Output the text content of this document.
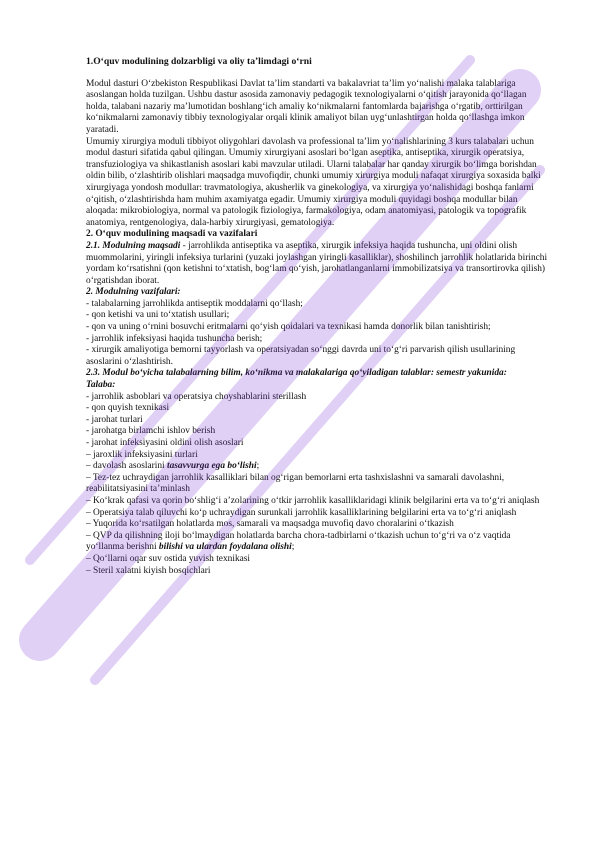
1.Oʻquv modulining dolzarbligi va oliy taʼlimdagi oʻrni

Modul dasturi Oʻzbekiston Respublikasi Davlat taʼlim standarti va bakalavriat taʼlim yoʻnalishi malaka talablariga asoslangan holda tuzilgan. Ushbu dastur asosida zamonaviy pedagogik texnologiyalarni oʻqitish jarayonida qoʻllagan holda, talabani nazariy maʼlumotidan boshlangʻich amaliy koʻnikmalarni fantomlarda bajarishga oʻrgatib, orttirilgan koʻnikmalarni zamonaviy tibbiy texnologiyalar orqali klinik amaliyot bilan uygʻunlashtirgan holda qoʻllashga imkon yaratadi.

Umumiy xirurgiya moduli tibbiyot oliygohlari davolash va professional taʼlim yoʻnalishlarining 3 kurs talabalari uchun modul dasturi sifatida qabul qilingan. Umumiy xirurgiyani asoslari boʻlgan aseptika, antiseptika, xirurgik operatsiya, transfuziologiya va shikastlanish asoslari kabi mavzular utiladi. Ularni talabalar har qanday xirurgik boʻlimga borishdan oldin bilib, oʻzlashtirib olishlari maqsadga muvofiqdir, chunki umumiy xirurgiya moduli nafaqat xirurgiya soxasida balki xirurgiyaga yondosh modullar: travmatologiya, akusherlik va ginekologiya, va xirurgiya yoʻnalishidagi boshqa fanlarni oʻqitish, oʻzlashtirishda ham muhim axamiyatga egadir. Umumiy xirurgiya moduli quyidagi boshqa modullar bilan aloqada: mikrobiologiya, normal va patologik fiziologiya, farmakologiya, odam anatomiyasi, patologik va topografik anatomiya, rentgenologiya, dala-harbiy xirurgiyasi, gematologiya.

2. Oʻquv modulining maqsadi va vazifalari

2.1. Modulning maqsadi - jarrohlikda antiseptika va aseptika, xirurgik infeksiya haqida tushuncha, uni oldini olish muommolarini, yiringli infeksiya turlarini (yuzaki joylashgan yiringli kasalliklar), shoshilinch jarrohlik holatlarida birinchi yordam koʻrsatishni (qon ketishni toʻxtatish, bogʻlam qoʻyish, jarohatlanganlarni immobilizatsiya va transortirovka qilish) oʻrgatishdan iborat.

2. Modulning vazifalari:

- talabalarning jarrohlikda antiseptik moddalarni qoʻllash;

- qon ketishi va uni toʻxtatish usullari;

- qon va uning oʻrnini bosuvchi eritmalarni qoʻyish qoidalari va texnikasi hamda donorlik bilan tanishtirish;

- jarrohlik infeksiyasi haqida tushuncha berish;

- xirurgik amaliyotiga bemorni tayyorlash va operatsiyadan soʻnggi davrda uni toʻgʻri parvarish qilish usullarining asoslarini oʻzlashtirish.

2.3. Modul boʻyicha talabalarning bilim, koʻnikma va malakalariga qoʻyiladigan talablar: semestr yakunida:

Talaba:

- jarrohlik asboblari va operatsiya choyshablarini sterillash

- qon quyish texnikasi

- jarohat turlari

- jarohatga birlamchi ishlov berish

- jarohat infeksiyasini oldini olish asoslari

– jaroxlik infeksiyasini turlari

– davolash asoslarini tasavvurga ega boʻlishi;

– Tez-tez uchraydigan jarrohlik kasalliklari bilan ogʻrigan bemorlarni erta tashxislashni va samarali davolashni, reabilitatsiyasini taʼminlash

– Koʻkrak qafasi va qorin boʻshligʻi aʼzolarining oʻtkir jarrohlik kasalliklaridagi klinik belgilarini erta va toʻgʻri aniqlash

– Operatsiya talab qiluvchi koʻp uchraydigan surunkali jarrohlik kasalliklarining belgilarini erta va toʻgʻri aniqlash

– Yuqorida koʻrsatilgan holatlarda mos, samarali va maqsadga muvofiq davo choralarini oʻtkazish

– QVP da qilishning iloji boʻlmaydigan holatlarda barcha chora-tadbirlarni oʻtkazish uchun toʻgʻri va oʻz vaqtida yoʻllanma berishni bilishi va ulardan foydalana olishi;

– Qoʻllarni oqar suv ostida yuvish texnikasi

– Steril xalatni kiyish bosqichlari
